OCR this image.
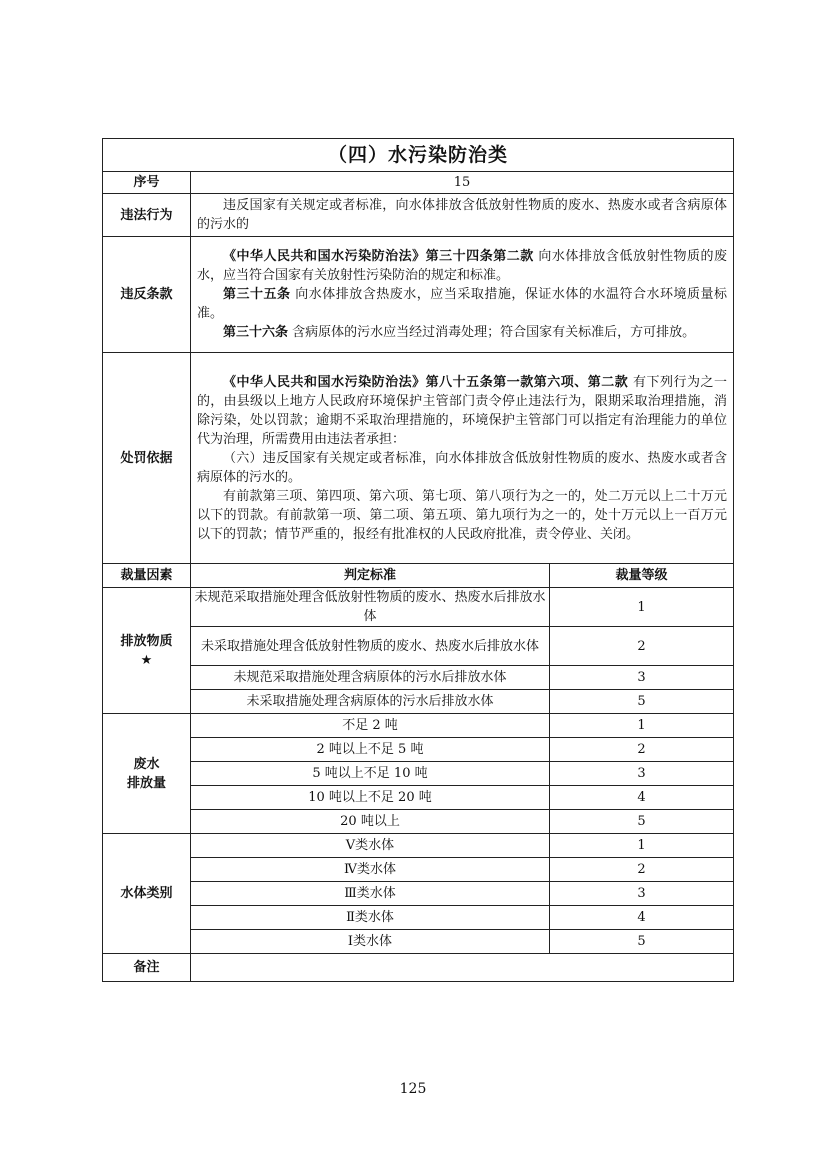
（四）水污染防治类		
序号	15	
违法行为	违反国家有关规定或者标准，向水体排放含低放射性物质的废水、热废水或者含病原体的污水的	

违反条款	《中华人民共和国水污染防治法》第三十四条第二款 向水体排放含低放射性物质的废水，应当符合国家有关放射性污染防治的规定和标准。

第三十五条 向水体排放含热废水，应当采取措施，保证水体的水温符合水环境质量标准。

第三十六条 含病原体的污水应当经过消毒处理；符合国家有关标准后，方可排放。	

处罚依据	《中华人民共和国水污染防治法》第八十五条第一款第六项、第二款 有下列行为之一的，由县级以上地方人民政府环境保护主管部门责令停止违法行为，限期采取治理措施，消除污染，处以罚款；逾期不采取治理措施的，环境保护主管部门可以指定有治理能力的单位代为治理，所需费用由违法者承担：

（六）违反国家有关规定或者标准，向水体排放含低放射性物质的废水、热废水或者含病原体的污水的。

有前款第三项、第四项、第六项、第七项、第八项行为之一的，处二万元以上二十万元以下的罚款。有前款第一项、第二项、第五项、第九项行为之一的，处十万元以上一百万元以下的罚款；情节严重的，报经有批准权的人民政府批准，责令停业、关闭。	

裁量因素	判定标准	裁量等级

排放物质
★	未规范采取措施处理含低放射性物质的废水、热废水后排放水体	1
	未采取措施处理含低放射性物质的废水、热废水后排放水体	2
	未规范采取措施处理含病原体的污水后排放水体	3
	未采取措施处理含病原体的污水后排放水体	5

废水
排放量	不足 2 吨	1
	2 吨以上不足 5 吨	2
	5 吨以上不足 10 吨	3
	10 吨以上不足 20 吨	4
	20 吨以上	5
水体类别	Ⅴ类水体	1
	Ⅳ类水体	2
	Ⅲ类水体	3
	Ⅱ类水体	4
	Ⅰ类水体	5
备注		
125
